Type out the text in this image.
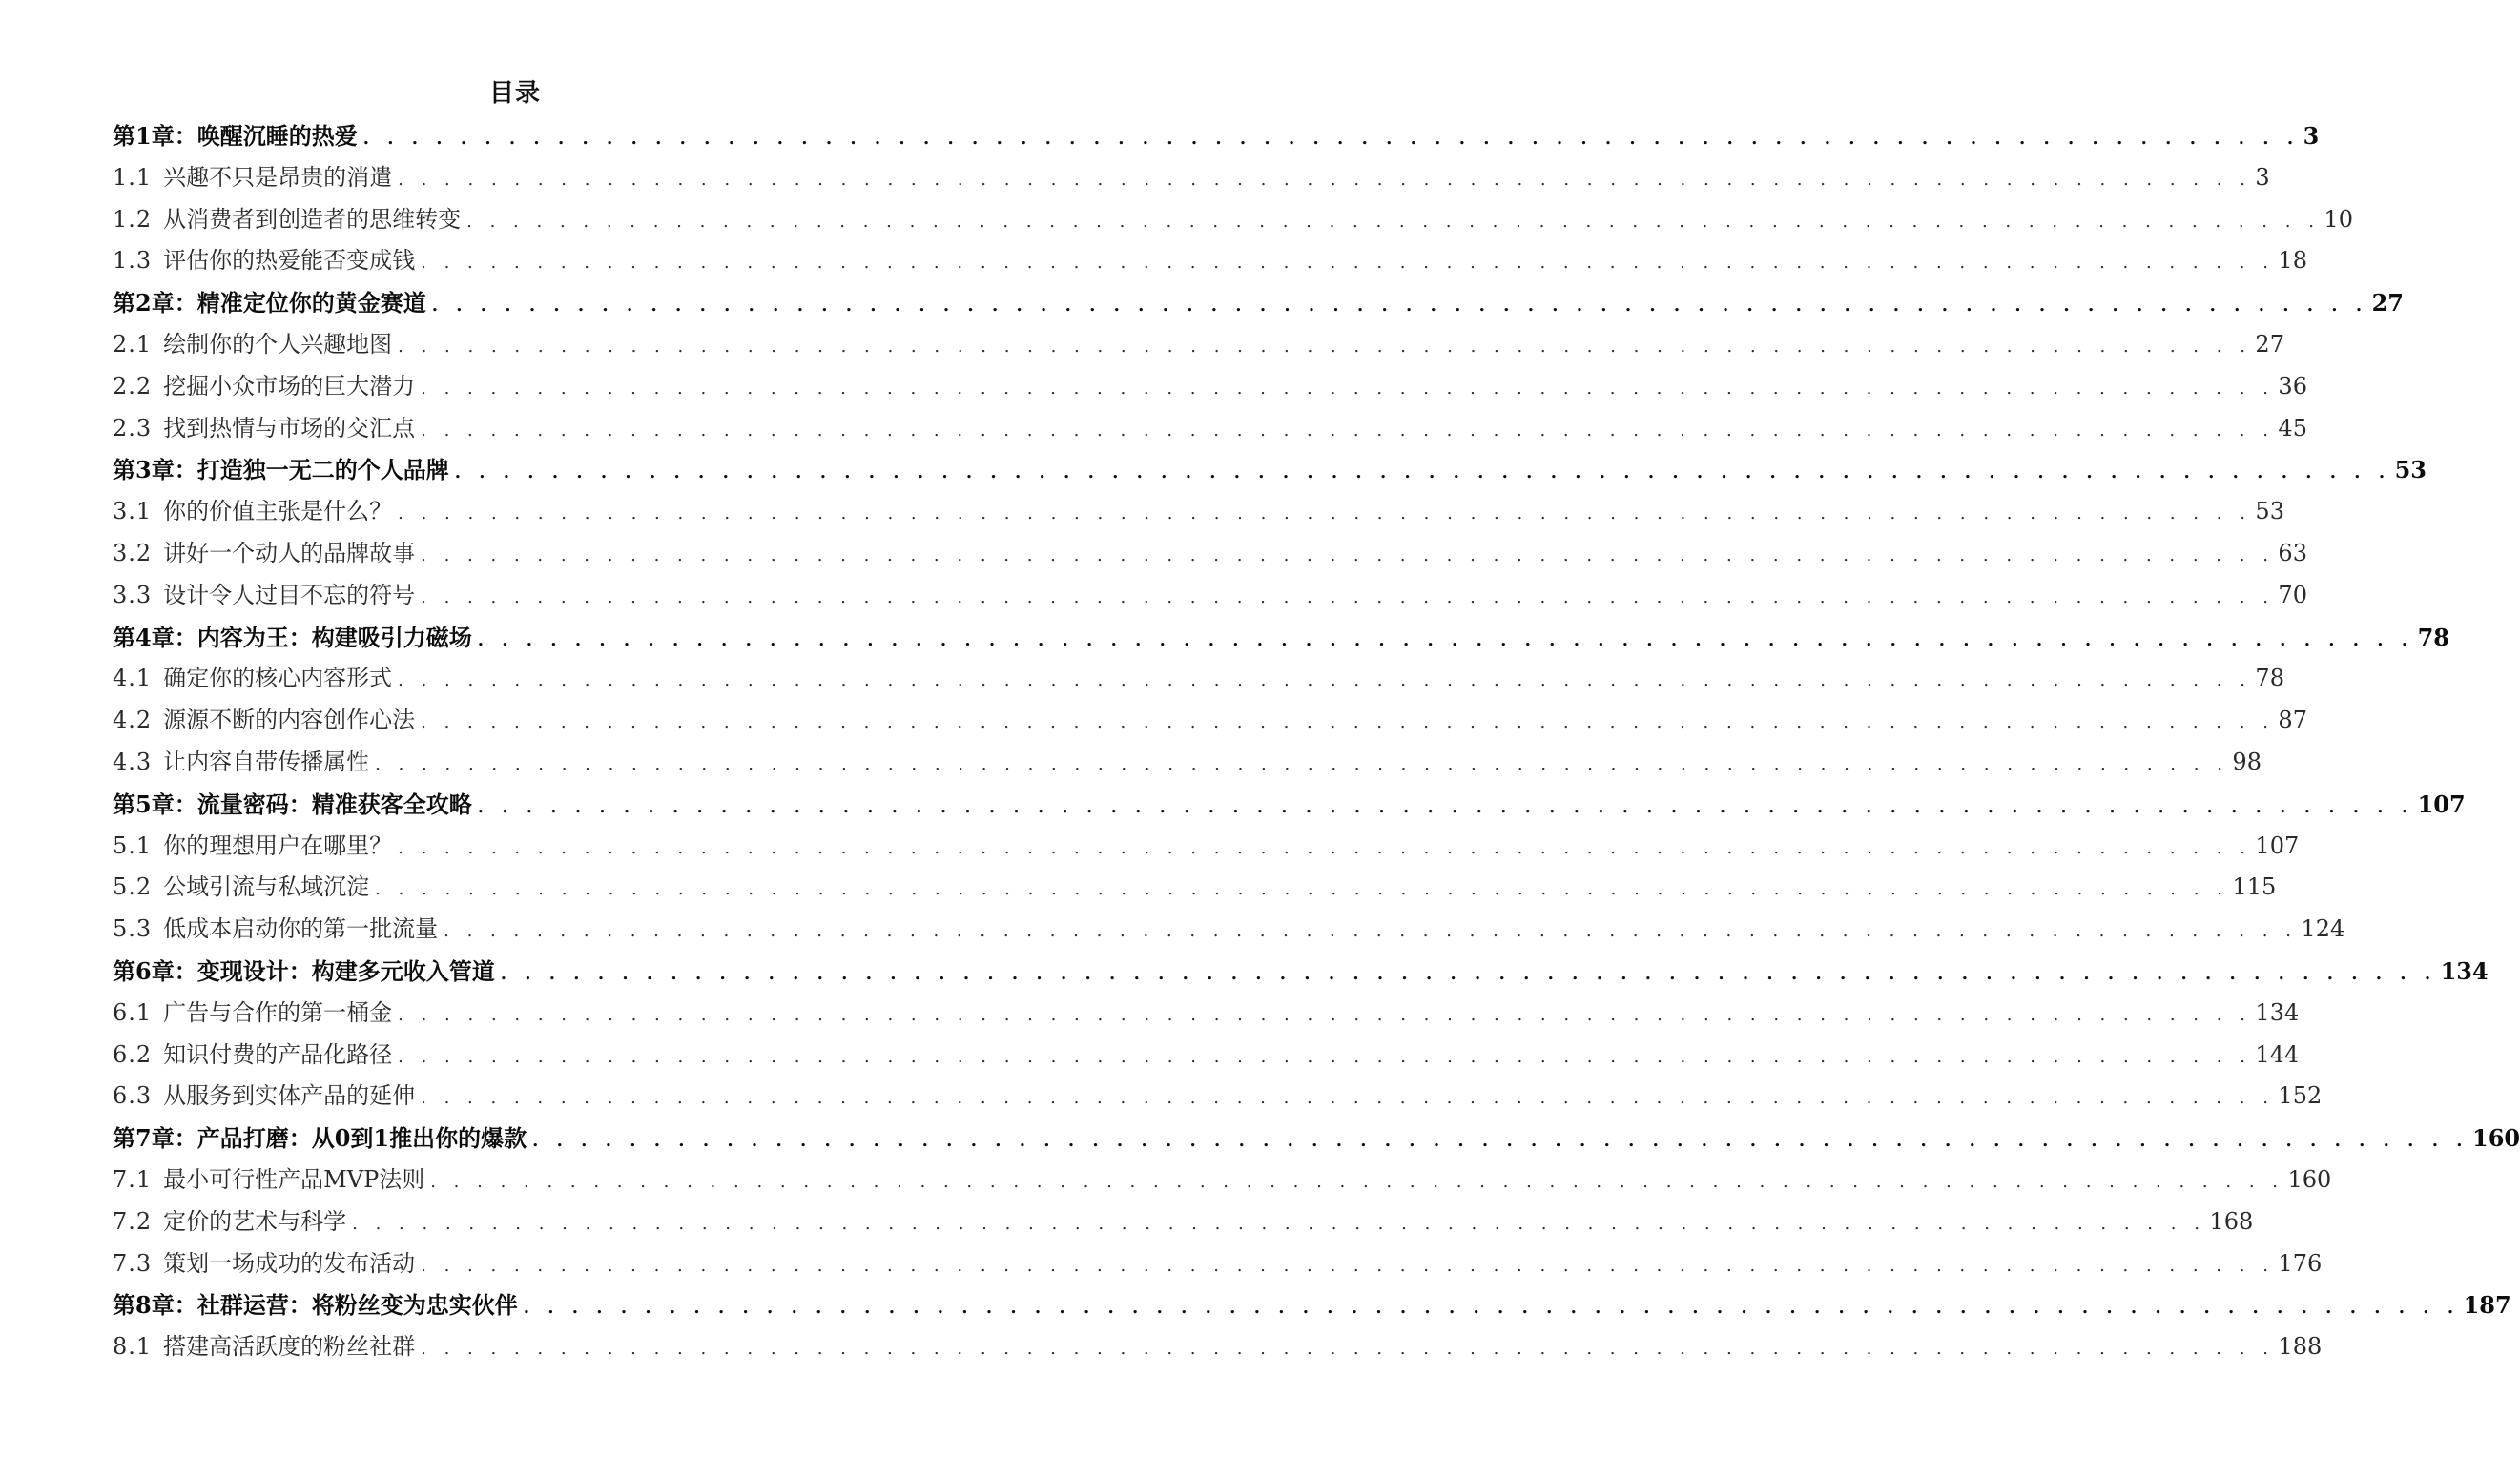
目录
第1章：唤醒沉睡的热爱 . . . . . . . . . . . . . . . . . . . . . . . . . . . . . . . . . . . . . . . . . . . . . . . . . . . . . . . . . . . . . . . . . . . . . . . . . . . . . . . . 3
1.1 兴趣不只是昂贵的消遣 . . . . . . . . . . . . . . . . . . . . . . . . . . . . . . . . . . . . . . . . . . . . . . . . . . . . . . . . . . . . . . . . . . . . . . . . . . . . . . . . 3
1.2 从消费者到创造者的思维转变 . . . . . . . . . . . . . . . . . . . . . . . . . . . . . . . . . . . . . . . . . . . . . . . . . . . . . . . . . . . . . . . . . . . . . . . . . . . . . . . . 10
1.3 评估你的热爱能否变成钱 . . . . . . . . . . . . . . . . . . . . . . . . . . . . . . . . . . . . . . . . . . . . . . . . . . . . . . . . . . . . . . . . . . . . . . . . . . . . . . . . 18
第2章：精准定位你的黄金赛道 . . . . . . . . . . . . . . . . . . . . . . . . . . . . . . . . . . . . . . . . . . . . . . . . . . . . . . . . . . . . . . . . . . . . . . . . . . . . . . . . 27
2.1 绘制你的个人兴趣地图 . . . . . . . . . . . . . . . . . . . . . . . . . . . . . . . . . . . . . . . . . . . . . . . . . . . . . . . . . . . . . . . . . . . . . . . . . . . . . . . . 27
2.2 挖掘小众市场的巨大潜力 . . . . . . . . . . . . . . . . . . . . . . . . . . . . . . . . . . . . . . . . . . . . . . . . . . . . . . . . . . . . . . . . . . . . . . . . . . . . . . . . 36
2.3 找到热情与市场的交汇点 . . . . . . . . . . . . . . . . . . . . . . . . . . . . . . . . . . . . . . . . . . . . . . . . . . . . . . . . . . . . . . . . . . . . . . . . . . . . . . . . 45
第3章：打造独一无二的个人品牌 . . . . . . . . . . . . . . . . . . . . . . . . . . . . . . . . . . . . . . . . . . . . . . . . . . . . . . . . . . . . . . . . . . . . . . . . . . . . . . . . 53
3.1 你的价值主张是什么？ . . . . . . . . . . . . . . . . . . . . . . . . . . . . . . . . . . . . . . . . . . . . . . . . . . . . . . . . . . . . . . . . . . . . . . . . . . . . . . . . 53
3.2 讲好一个动人的品牌故事 . . . . . . . . . . . . . . . . . . . . . . . . . . . . . . . . . . . . . . . . . . . . . . . . . . . . . . . . . . . . . . . . . . . . . . . . . . . . . . . . 63
3.3 设计令人过目不忘的符号 . . . . . . . . . . . . . . . . . . . . . . . . . . . . . . . . . . . . . . . . . . . . . . . . . . . . . . . . . . . . . . . . . . . . . . . . . . . . . . . . 70
第4章：内容为王：构建吸引力磁场 . . . . . . . . . . . . . . . . . . . . . . . . . . . . . . . . . . . . . . . . . . . . . . . . . . . . . . . . . . . . . . . . . . . . . . . . . . . . . . . . 78
4.1 确定你的核心内容形式 . . . . . . . . . . . . . . . . . . . . . . . . . . . . . . . . . . . . . . . . . . . . . . . . . . . . . . . . . . . . . . . . . . . . . . . . . . . . . . . . 78
4.2 源源不断的内容创作心法 . . . . . . . . . . . . . . . . . . . . . . . . . . . . . . . . . . . . . . . . . . . . . . . . . . . . . . . . . . . . . . . . . . . . . . . . . . . . . . . . 87
4.3 让内容自带传播属性 . . . . . . . . . . . . . . . . . . . . . . . . . . . . . . . . . . . . . . . . . . . . . . . . . . . . . . . . . . . . . . . . . . . . . . . . . . . . . . . . 98
第5章：流量密码：精准获客全攻略 . . . . . . . . . . . . . . . . . . . . . . . . . . . . . . . . . . . . . . . . . . . . . . . . . . . . . . . . . . . . . . . . . . . . . . . . . . . . . . . . 107
5.1 你的理想用户在哪里？ . . . . . . . . . . . . . . . . . . . . . . . . . . . . . . . . . . . . . . . . . . . . . . . . . . . . . . . . . . . . . . . . . . . . . . . . . . . . . . . . 107
5.2 公域引流与私域沉淀 . . . . . . . . . . . . . . . . . . . . . . . . . . . . . . . . . . . . . . . . . . . . . . . . . . . . . . . . . . . . . . . . . . . . . . . . . . . . . . . . 115
5.3 低成本启动你的第一批流量 . . . . . . . . . . . . . . . . . . . . . . . . . . . . . . . . . . . . . . . . . . . . . . . . . . . . . . . . . . . . . . . . . . . . . . . . . . . . . . . . 124
第6章：变现设计：构建多元收入管道 . . . . . . . . . . . . . . . . . . . . . . . . . . . . . . . . . . . . . . . . . . . . . . . . . . . . . . . . . . . . . . . . . . . . . . . . . . . . . . . . 134
6.1 广告与合作的第一桶金 . . . . . . . . . . . . . . . . . . . . . . . . . . . . . . . . . . . . . . . . . . . . . . . . . . . . . . . . . . . . . . . . . . . . . . . . . . . . . . . . 134
6.2 知识付费的产品化路径 . . . . . . . . . . . . . . . . . . . . . . . . . . . . . . . . . . . . . . . . . . . . . . . . . . . . . . . . . . . . . . . . . . . . . . . . . . . . . . . . 144
6.3 从服务到实体产品的延伸 . . . . . . . . . . . . . . . . . . . . . . . . . . . . . . . . . . . . . . . . . . . . . . . . . . . . . . . . . . . . . . . . . . . . . . . . . . . . . . . . 152
第7章：产品打磨：从0到1推出你的爆款 . . . . . . . . . . . . . . . . . . . . . . . . . . . . . . . . . . . . . . . . . . . . . . . . . . . . . . . . . . . . . . . . . . . . . . . . . . . . . . . . 160
7.1 最小可行性产品MVP法则 . . . . . . . . . . . . . . . . . . . . . . . . . . . . . . . . . . . . . . . . . . . . . . . . . . . . . . . . . . . . . . . . . . . . . . . . . . . . . . . . 160
7.2 定价的艺术与科学 . . . . . . . . . . . . . . . . . . . . . . . . . . . . . . . . . . . . . . . . . . . . . . . . . . . . . . . . . . . . . . . . . . . . . . . . . . . . . . . . 168
7.3 策划一场成功的发布活动 . . . . . . . . . . . . . . . . . . . . . . . . . . . . . . . . . . . . . . . . . . . . . . . . . . . . . . . . . . . . . . . . . . . . . . . . . . . . . . . . 176
第8章：社群运营：将粉丝变为忠实伙伴 . . . . . . . . . . . . . . . . . . . . . . . . . . . . . . . . . . . . . . . . . . . . . . . . . . . . . . . . . . . . . . . . . . . . . . . . . . . . . . . . 187
8.1 搭建高活跃度的粉丝社群 . . . . . . . . . . . . . . . . . . . . . . . . . . . . . . . . . . . . . . . . . . . . . . . . . . . . . . . . . . . . . . . . . . . . . . . . . . . . . . . . 188
